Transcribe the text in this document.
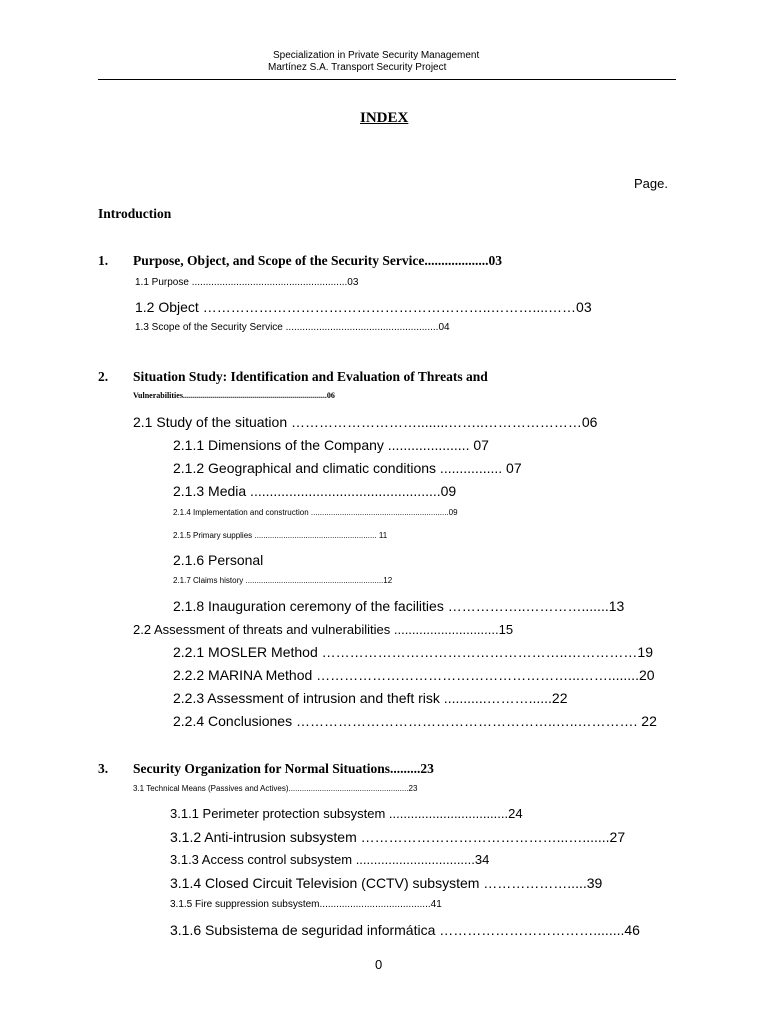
Specialization in Private Security Management
Martínez S.A. Transport Security Project
INDEX
Page.
Introduction
1. Purpose, Object, and Scope of the Security Service...................03
1.1 Purpose ........................................................03
1.2 Object ……………………………………………………..………....……03
1.3 Scope of the Security Service .......................................................04
2. Situation Study: Identification and Evaluation of Threats and
Vulnerabilities........................................................................06
2.1 Study of the situation ………………………........……..…………………06
2.1.1 Dimensions of the Company ..................... 07
2.1.2 Geographical and climatic conditions ................ 07
2.1.3 Media .................................................09
2.1.4 Implementation and construction ..............................................................09
2.1.5 Primary supplies ....................................................... 11
2.1.6 Personal
2.1.7 Claims history ..............................................................12
2.1.8 Inauguration ceremony of the facilities ……………..………….......13
2.2 Assessment of threats and vulnerabilities .............................15
2.2.1 MOSLER Method ……………………………………………..……………19
2.2.2 MARINA Method ………………………………………………...……........20
2.2.3 Assessment of intrusion and theft risk ...........………......22
2.2.4 Conclusiones ………………………………………………..…..…………. 22
3. Security Organization for Normal Situations.........23
3.1 Technical Means (Passives and Actives)......................................................23
3.1.1 Perimeter protection subsystem .................................24
3.1.2 Anti-intrusion subsystem ……………………………………...….......27
3.1.3 Access control subsystem .................................34
3.1.4 Closed Circuit Television (CCTV) subsystem ……………….....39
3.1.5 Fire suppression subsystem........................................41
3.1.6 Subsistema de seguridad informática ……………………………........46
0
